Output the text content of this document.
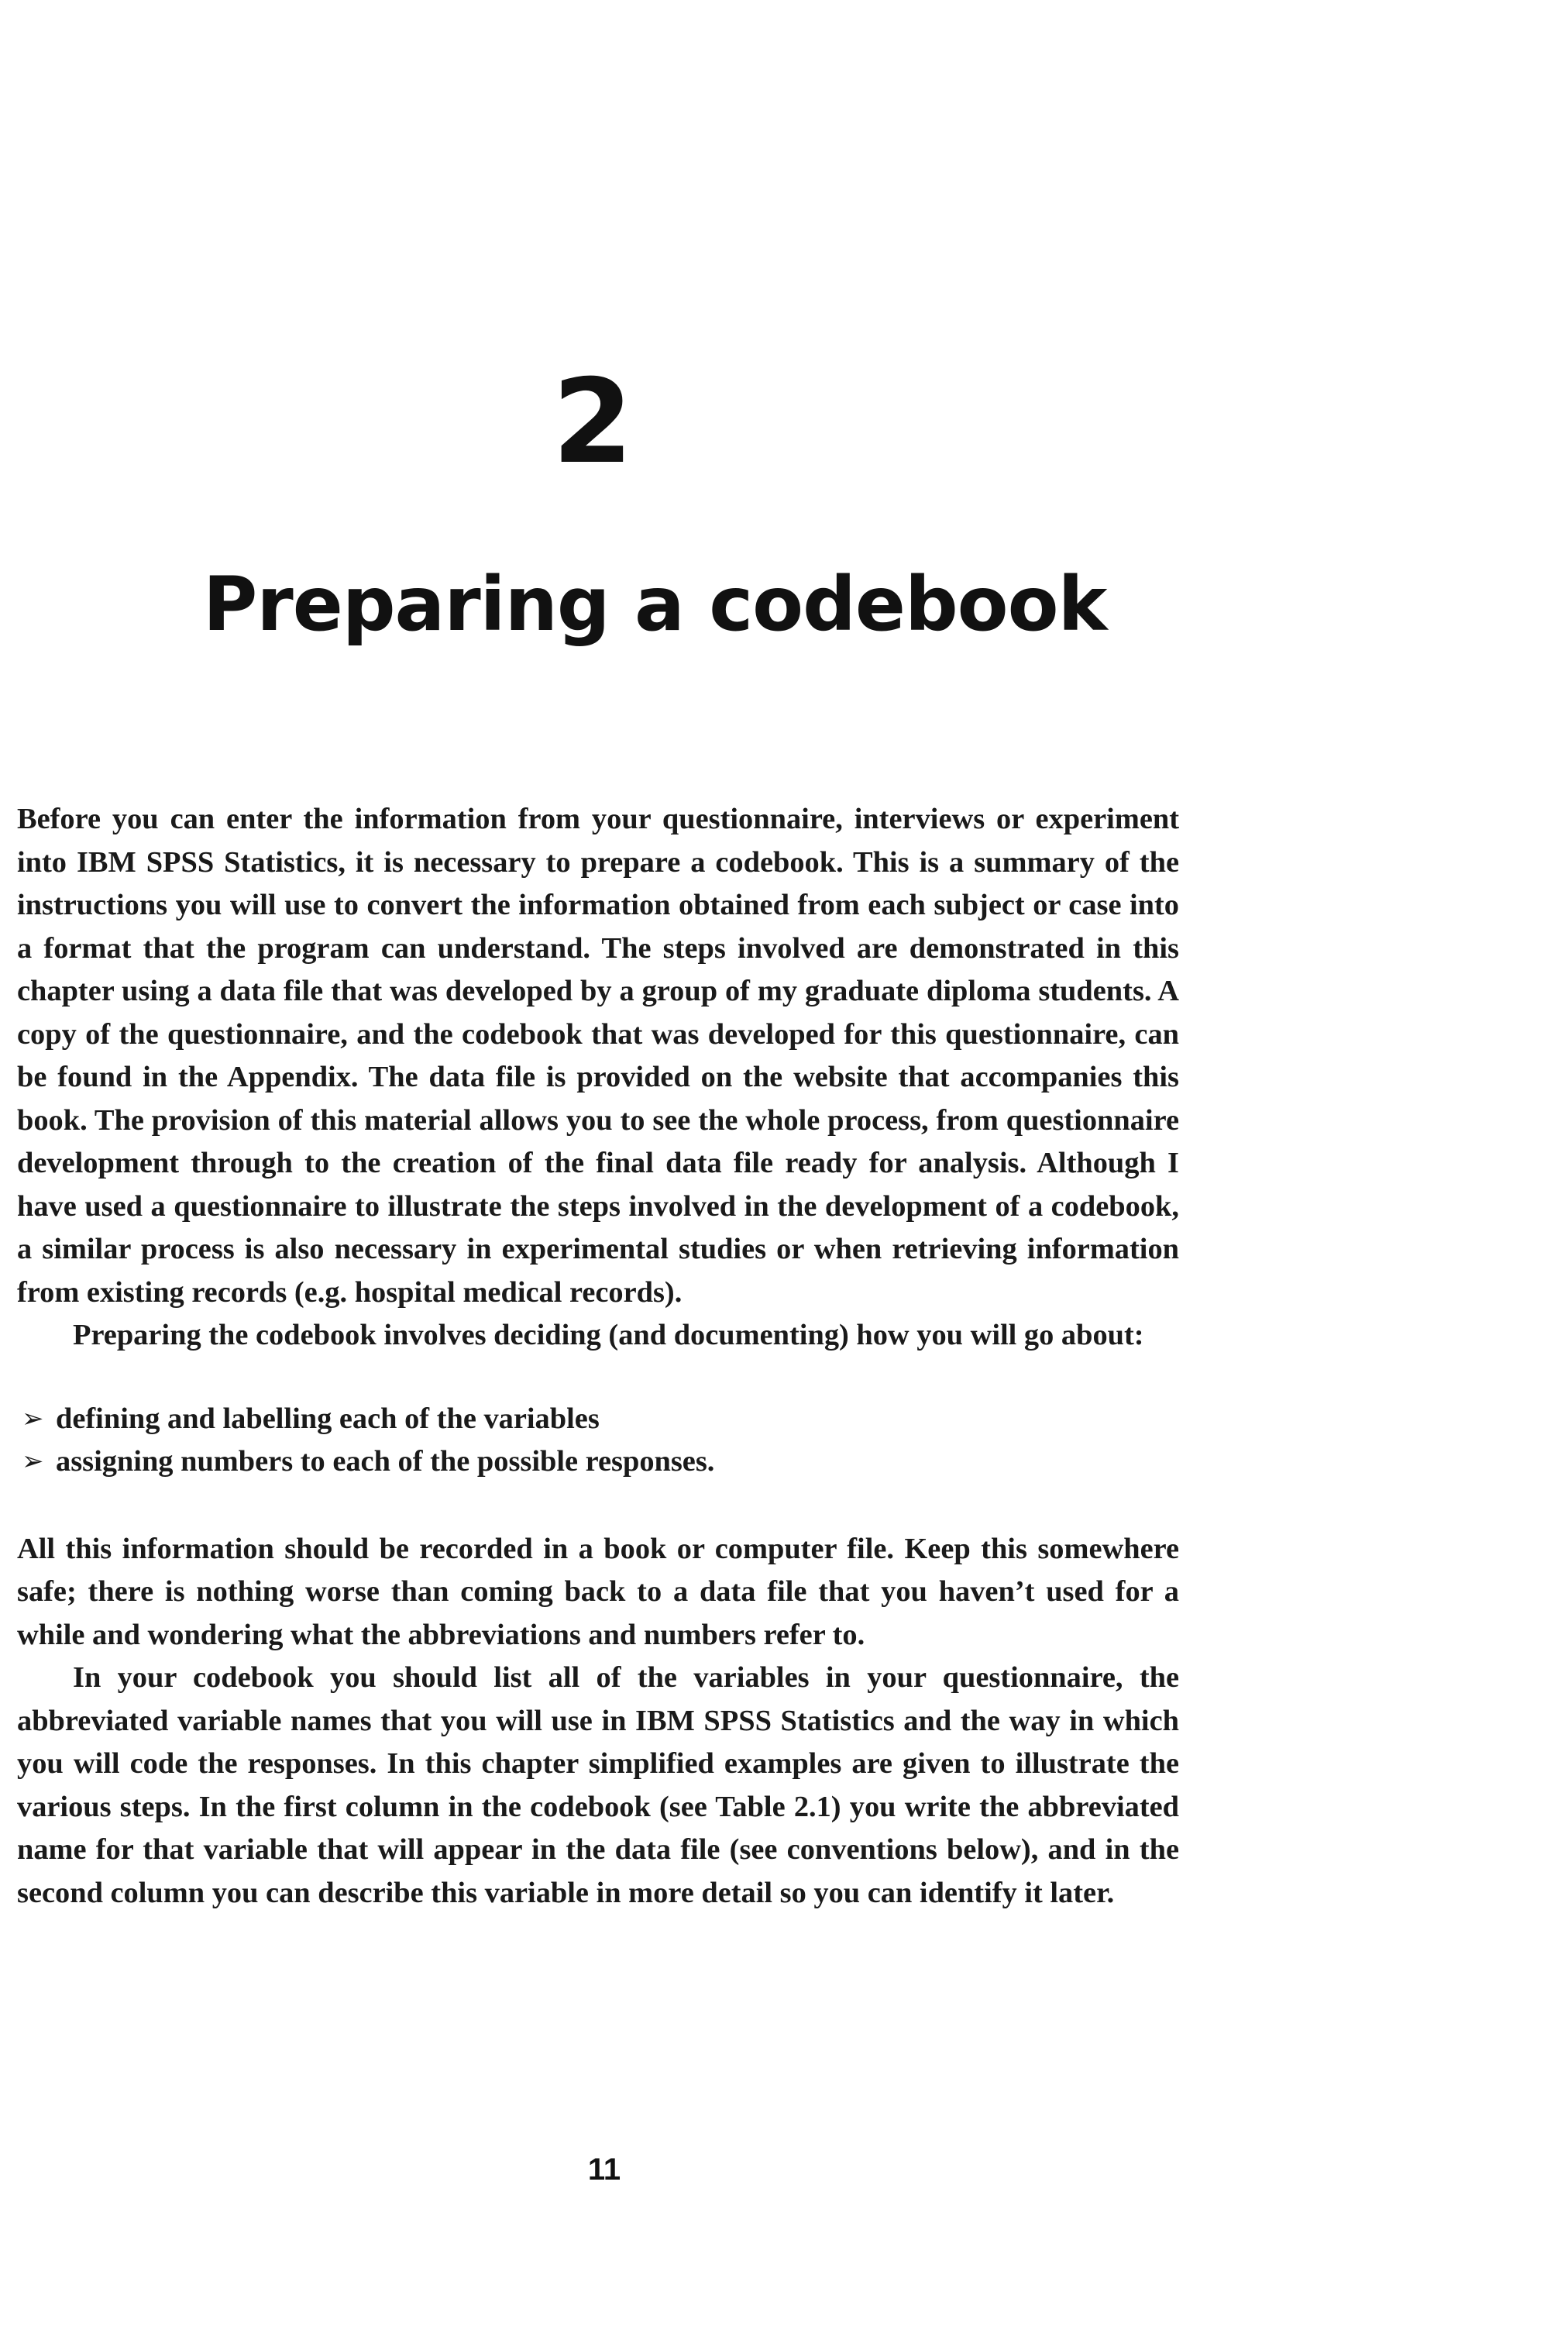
2
Preparing a codebook

Before you can enter the information from your questionnaire, interviews or experiment into IBM SPSS Statistics, it is necessary to prepare a codebook. This is a summary of the instructions you will use to convert the information obtained from each subject or case into a format that the program can understand. The steps involved are demonstrated in this chapter using a data file that was developed by a group of my graduate diploma students. A copy of the questionnaire, and the codebook that was developed for this questionnaire, can be found in the Appendix. The data file is provided on the website that accompanies this book. The provision of this material allows you to see the whole process, from questionnaire development through to the creation of the final data file ready for analysis. Although I have used a questionnaire to illustrate the steps involved in the development of a codebook, a similar process is also necessary in experimental studies or when retrieving information from existing records (e.g. hospital medical records).

Preparing the codebook involves deciding (and documenting) how you will go about:

➢ defining and labelling each of the variables
➢ assigning numbers to each of the possible responses.

All this information should be recorded in a book or computer file. Keep this somewhere safe; there is nothing worse than coming back to a data file that you haven’t used for a while and wondering what the abbreviations and numbers refer to.

In your codebook you should list all of the variables in your questionnaire, the abbreviated variable names that you will use in IBM SPSS Statistics and the way in which you will code the responses. In this chapter simplified examples are given to illustrate the various steps. In the first column in the codebook (see Table 2.1) you write the abbreviated name for that variable that will appear in the data file (see conventions below), and in the second column you can describe this variable in more detail so you can identify it later.

11
